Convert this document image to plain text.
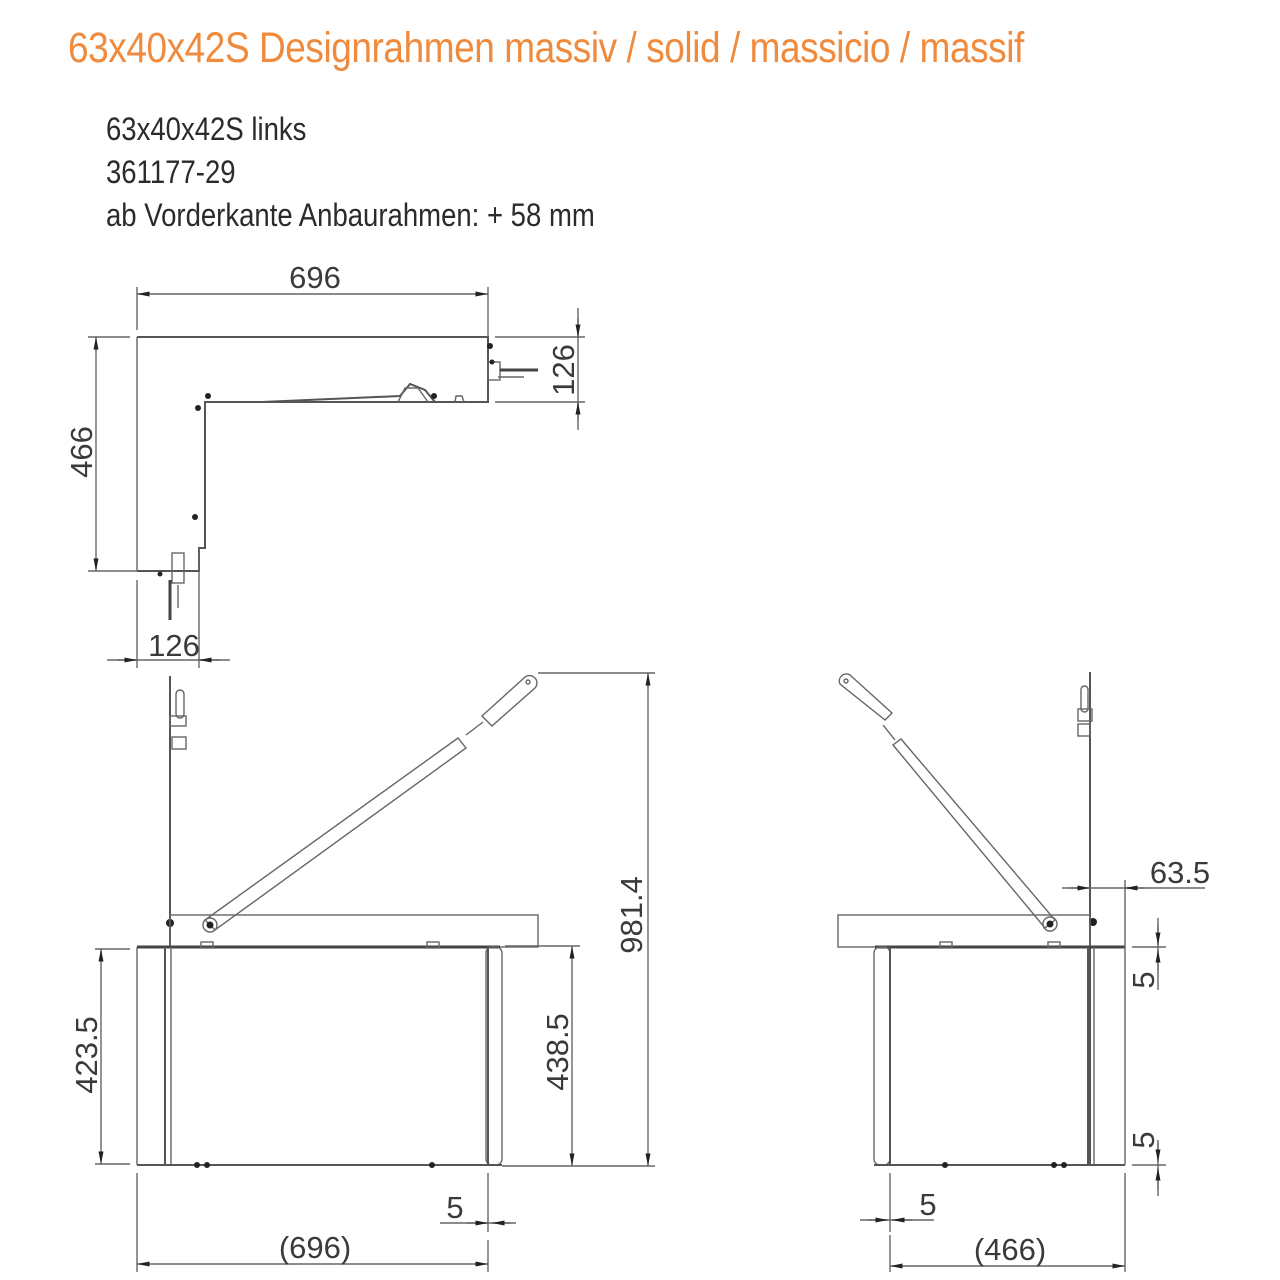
63x40x42S Designrahmen massiv / solid / massicio / massif
63x40x42S links
361177-29
ab Vorderkante Anbaurahmen: + 58 mm
696
466
126
126
981.4
423.5	438.5
5
(696)
63.5
5
5
5
(466)
